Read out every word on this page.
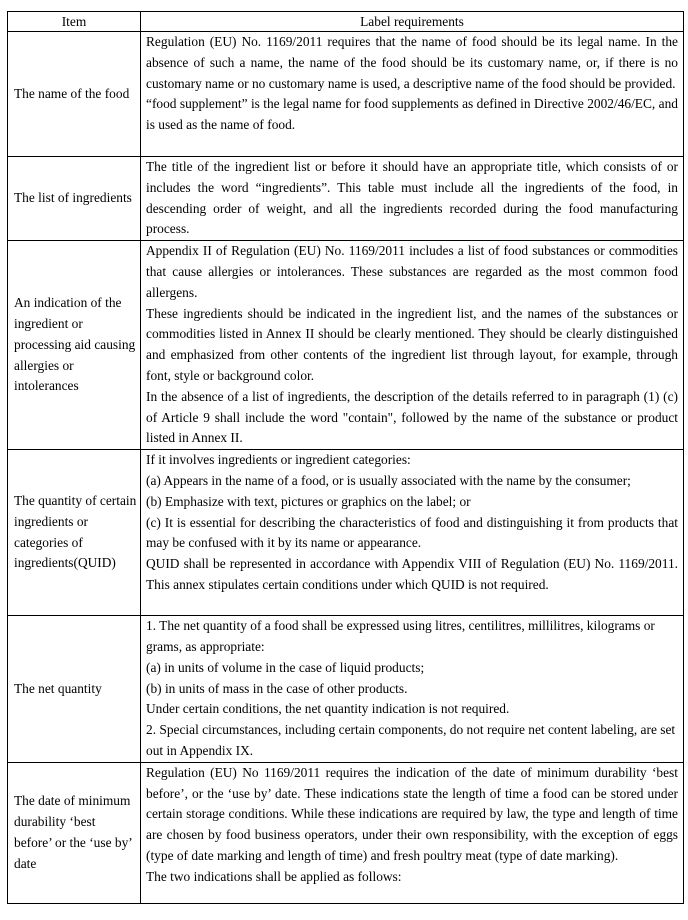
Item	Label requirements
The name of the food	Regulation (EU) No. 1169/2011 requires that the name of food should be its legal name. In the absence of such a name, the name of the food should be its customary name, or, if there is no customary name or no customary name is used, a descriptive name of the food should be provided.

“food supplement” is the legal name for food supplements as defined in Directive 2002/46/EC, and is used as the name of food.

The list of ingredients	The title of the ingredient list or before it should have an appropriate title, which consists of or includes the word “ingredients”. This table must include all the ingredients of the food, in descending order of weight, and all the ingredients recorded during the food manufacturing process.

An indication of the ingredient or processing aid causing allergies or intolerances	Appendix II of Regulation (EU) No. 1169/2011 includes a list of food substances or commodities that cause allergies or intolerances. These substances are regarded as the most common food allergens.

These ingredients should be indicated in the ingredient list, and the names of the substances or commodities listed in Annex II should be clearly mentioned. They should be clearly distinguished and emphasized from other contents of the ingredient list through layout, for example, through font, style or background color.

In the absence of a list of ingredients, the description of the details referred to in paragraph (1) (c) of Article 9 shall include the word "contain", followed by the name of the substance or product listed in Annex II.

The quantity of certain ingredients or categories of ingredients(QUID)	If it involves ingredients or ingredient categories:

(a) Appears in the name of a food, or is usually associated with the name by the consumer;

(b) Emphasize with text, pictures or graphics on the label; or

(c) It is essential for describing the characteristics of food and distinguishing it from products that may be confused with it by its name or appearance.

QUID shall be represented in accordance with Appendix VIII of Regulation (EU) No. 1169/2011. This annex stipulates certain conditions under which QUID is not required.

The net quantity	1. The net quantity of a food shall be expressed using litres, centilitres, millilitres, kilograms or grams, as appropriate:

(a) in units of volume in the case of liquid products;

(b) in units of mass in the case of other products.

Under certain conditions, the net quantity indication is not required.

2. Special circumstances, including certain components, do not require net content labeling, are set out in Appendix IX.

The date of minimum durability ‘best before’ or the ‘use by’ date	Regulation (EU) No 1169/2011 requires the indication of the date of minimum durability ‘best before’, or the ‘use by’ date. These indications state the length of time a food can be stored under certain storage conditions. While these indications are required by law, the type and length of time are chosen by food business operators, under their own responsibility, with the exception of eggs (type of date marking and length of time) and fresh poultry meat (type of date marking).

The two indications shall be applied as follows:
